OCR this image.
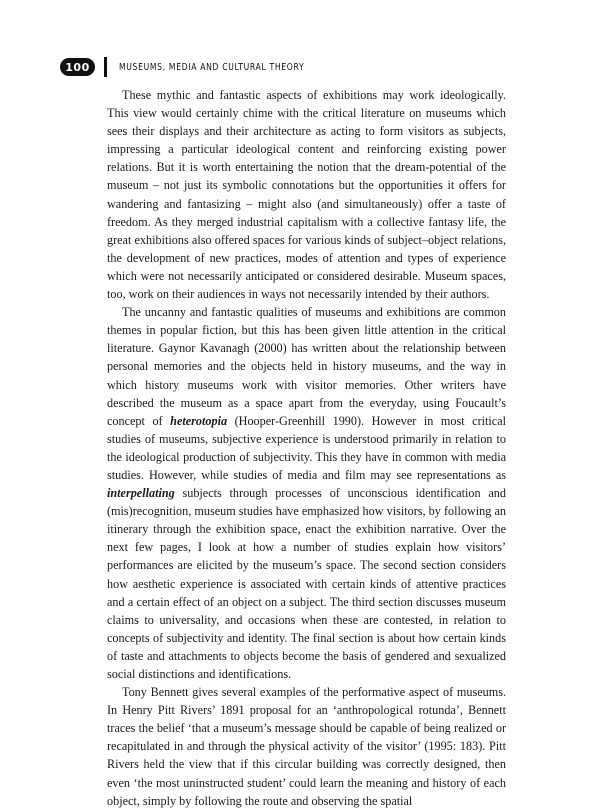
100	MUSEUMS, MEDIA AND CULTURAL THEORY

These mythic and fantastic aspects of exhibitions may work ideologically. This view would certainly chime with the critical literature on museums which sees their displays and their architecture as acting to form visitors as subjects, impressing a particular ideological content and reinforcing existing power relations. But it is worth entertaining the notion that the dream-potential of the museum – not just its symbolic connotations but the opportunities it offers for wandering and fantasizing – might also (and simultaneously) offer a taste of freedom. As they merged industrial capitalism with a collective fantasy life, the great exhibitions also offered spaces for various kinds of subject–object relations, the development of new practices, modes of attention and types of experience which were not necessarily anticipated or considered desirable. Museum spaces, too, work on their audiences in ways not necessarily intended by their authors.

The uncanny and fantastic qualities of museums and exhibitions are common themes in popular fiction, but this has been given little attention in the critical literature. Gaynor Kavanagh (2000) has written about the relationship between personal memories and the objects held in history museums, and the way in which history museums work with visitor memories. Other writers have described the museum as a space apart from the everyday, using Foucault’s concept of heterotopia (Hooper-Greenhill 1990). However in most critical studies of museums, subjective experience is understood primarily in relation to the ideological production of subjectivity. This they have in common with media studies. However, while studies of media and film may see representations as interpellating subjects through processes of unconscious identification and (mis)recognition, museum studies have emphasized how visitors, by following an itinerary through the exhibition space, enact the exhibition narrative. Over the next few pages, I look at how a number of studies explain how visitors’ performances are elicited by the museum’s space. The second section considers how aesthetic experience is associated with certain kinds of attentive practices and a certain effect of an object on a subject. The third section discusses museum claims to universality, and occasions when these are contested, in relation to concepts of subjectivity and identity. The final section is about how certain kinds of taste and attachments to objects become the basis of gendered and sexualized social distinctions and identifications.

Tony Bennett gives several examples of the performative aspect of museums. In Henry Pitt Rivers’ 1891 proposal for an ‘anthropological rotunda’, Bennett traces the belief ‘that a museum’s message should be capable of being realized or recapitulated in and through the physical activity of the visitor’ (1995: 183). Pitt Rivers held the view that if this circular building was correctly designed, then even ‘the most uninstructed student’ could learn the meaning and history of each object, simply by following the route and observing the spatial
